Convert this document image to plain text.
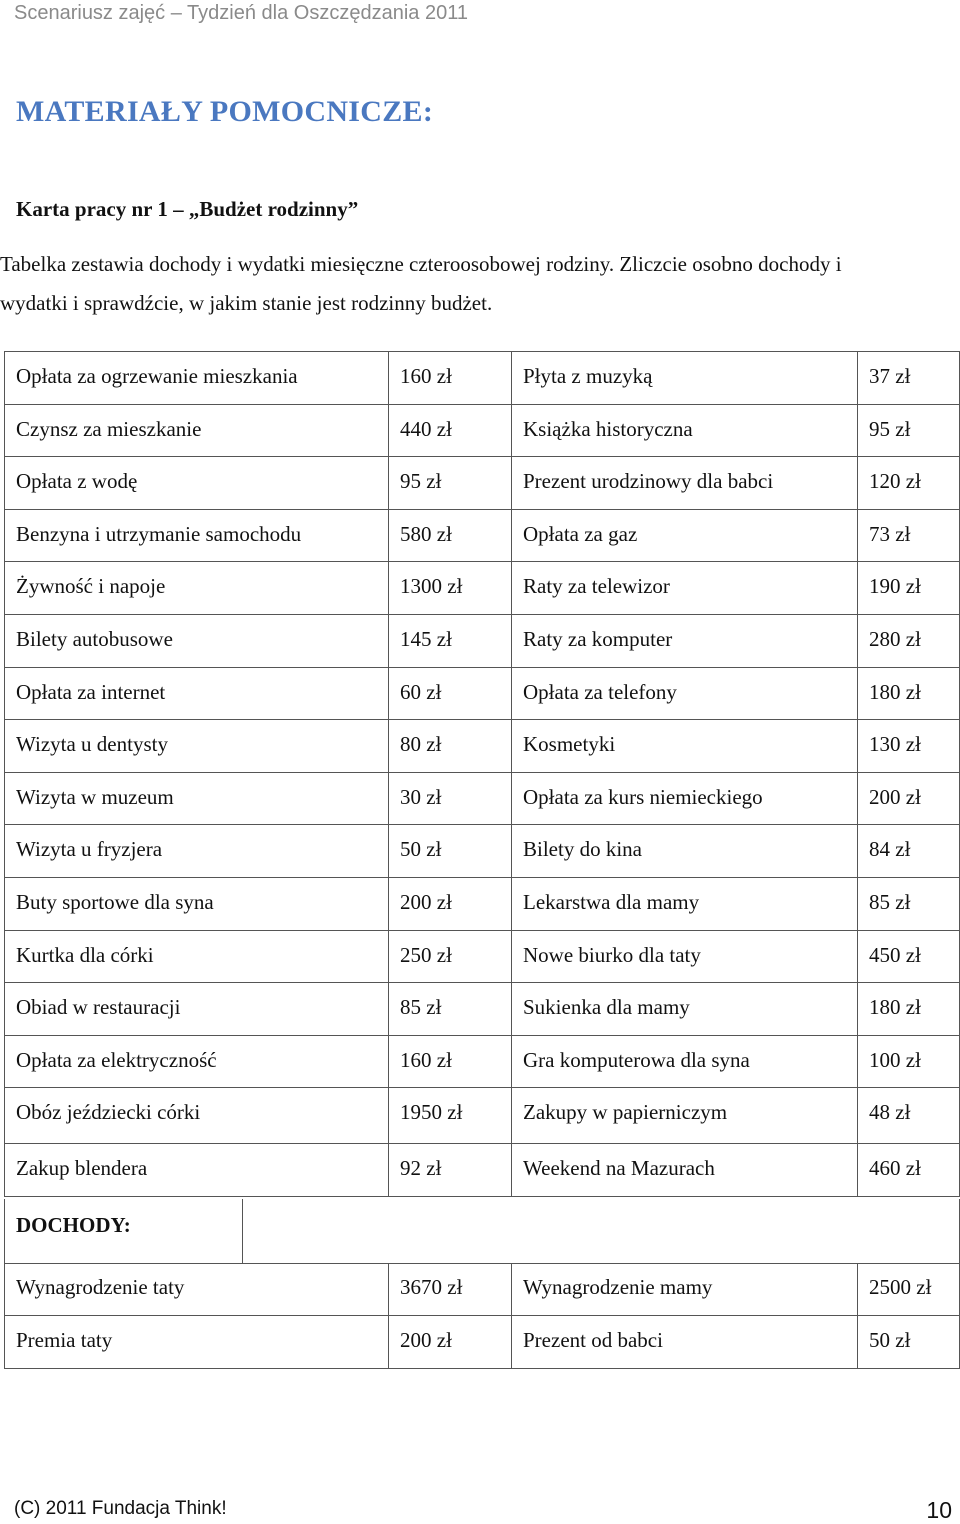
Scenariusz zajęć – Tydzień dla Oszczędzania 2011
MATERIAŁY POMOCNICZE:
Karta pracy nr 1 – „Budżet rodzinny”
Tabelka zestawia dochody i wydatki miesięczne czteroosobowej rodziny. Zliczcie osobno dochody i
wydatki i sprawdźcie, w jakim stanie jest rodzinny budżet.
Opłata za ogrzewanie mieszkania	160 zł	Płyta z muzyką	37 zł

Czynsz za mieszkanie	440 zł	Książka historyczna	95 zł

Opłata z wodę	95 zł	Prezent urodzinowy dla babci	120 zł

Benzyna i utrzymanie samochodu	580 zł	Opłata za gaz	73 zł

Żywność i napoje	1300 zł	Raty za telewizor	190 zł

Bilety autobusowe	145 zł	Raty za komputer	280 zł

Opłata za internet	60 zł	Opłata za telefony	180 zł

Wizyta u dentysty	80 zł	Kosmetyki	130 zł

Wizyta w muzeum	30 zł	Opłata za kurs niemieckiego	200 zł

Wizyta u fryzjera	50 zł	Bilety do kina	84 zł

Buty sportowe dla syna	200 zł	Lekarstwa dla mamy	85 zł

Kurtka dla córki	250 zł	Nowe biurko dla taty	450 zł

Obiad w restauracji	85 zł	Sukienka dla mamy	180 zł

Opłata za elektryczność	160 zł	Gra komputerowa dla syna	100 zł

Obóz jeździecki córki	1950 zł	Zakupy w papierniczym	48 zł

Zakup blendera	92 zł	Weekend na Mazurach	460 zł
DOCHODY:

Wynagrodzenie taty	3670 zł	Wynagrodzenie mamy	2500 zł

Premia taty	200 zł	Prezent od babci	50 zł
(C) 2011 Fundacja Think!	10
